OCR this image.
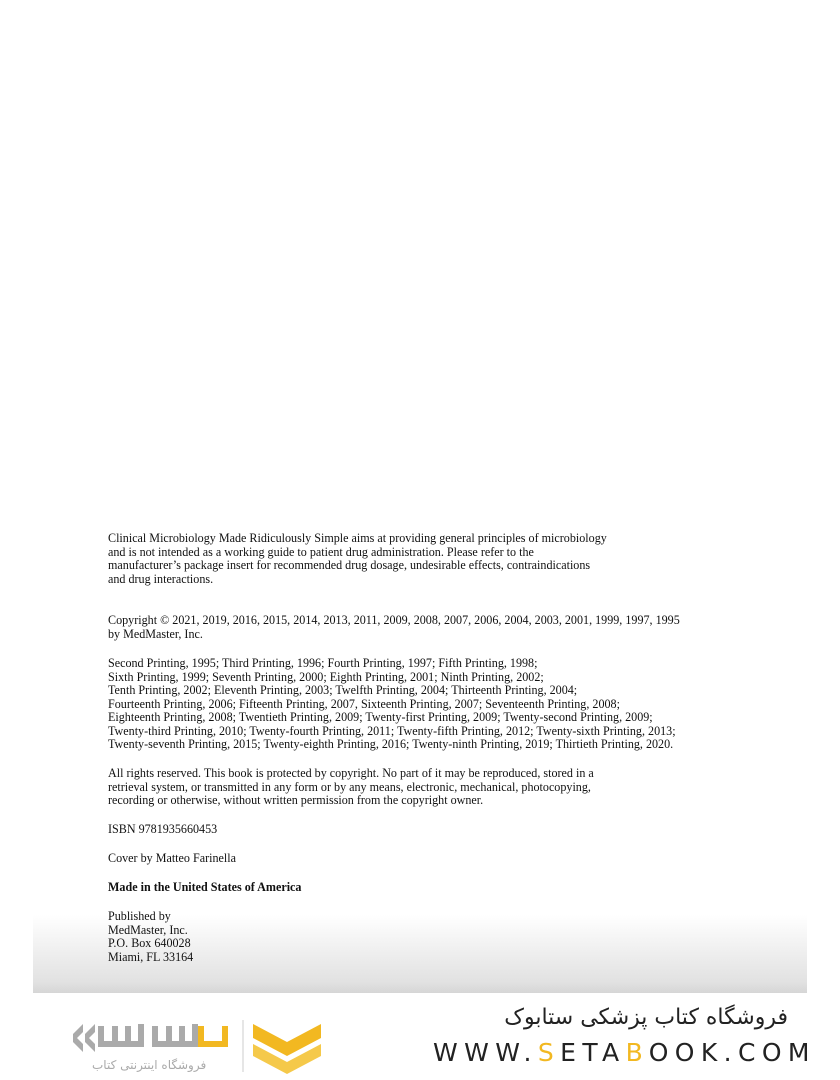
Clinical Microbiology Made Ridiculously Simple aims at providing general principles of microbiology
and is not intended as a working guide to patient drug administration. Please refer to the
manufacturer’s package insert for recommended drug dosage, undesirable effects, contraindications
and drug interactions.
Copyright © 2021, 2019, 2016, 2015, 2014, 2013, 2011, 2009, 2008, 2007, 2006, 2004, 2003, 2001, 1999, 1997, 1995
by MedMaster, Inc.
Second Printing, 1995; Third Printing, 1996; Fourth Printing, 1997; Fifth Printing, 1998;
Sixth Printing, 1999; Seventh Printing, 2000; Eighth Printing, 2001; Ninth Printing, 2002;
Tenth Printing, 2002; Eleventh Printing, 2003; Twelfth Printing, 2004; Thirteenth Printing, 2004;
Fourteenth Printing, 2006; Fifteenth Printing, 2007, Sixteenth Printing, 2007; Seventeenth Printing, 2008;
Eighteenth Printing, 2008; Twentieth Printing, 2009; Twenty-first Printing, 2009; Twenty-second Printing, 2009;
Twenty-third Printing, 2010; Twenty-fourth Printing, 2011; Twenty-fifth Printing, 2012; Twenty-sixth Printing, 2013;
Twenty-seventh Printing, 2015; Twenty-eighth Printing, 2016; Twenty-ninth Printing, 2019; Thirtieth Printing, 2020.
All rights reserved. This book is protected by copyright. No part of it may be reproduced, stored in a
retrieval system, or transmitted in any form or by any means, electronic, mechanical, photocopying,
recording or otherwise, without written permission from the copyright owner.
ISBN 9781935660453
Cover by Matteo Farinella
Made in the United States of America
Published by
MedMaster, Inc.
P.O. Box 640028
Miami, FL 33164
فروشگاه اینترنتی کتاب
فروشگاه کتاب پزشکی ستابوک
WWW.SETABOOK.COM
